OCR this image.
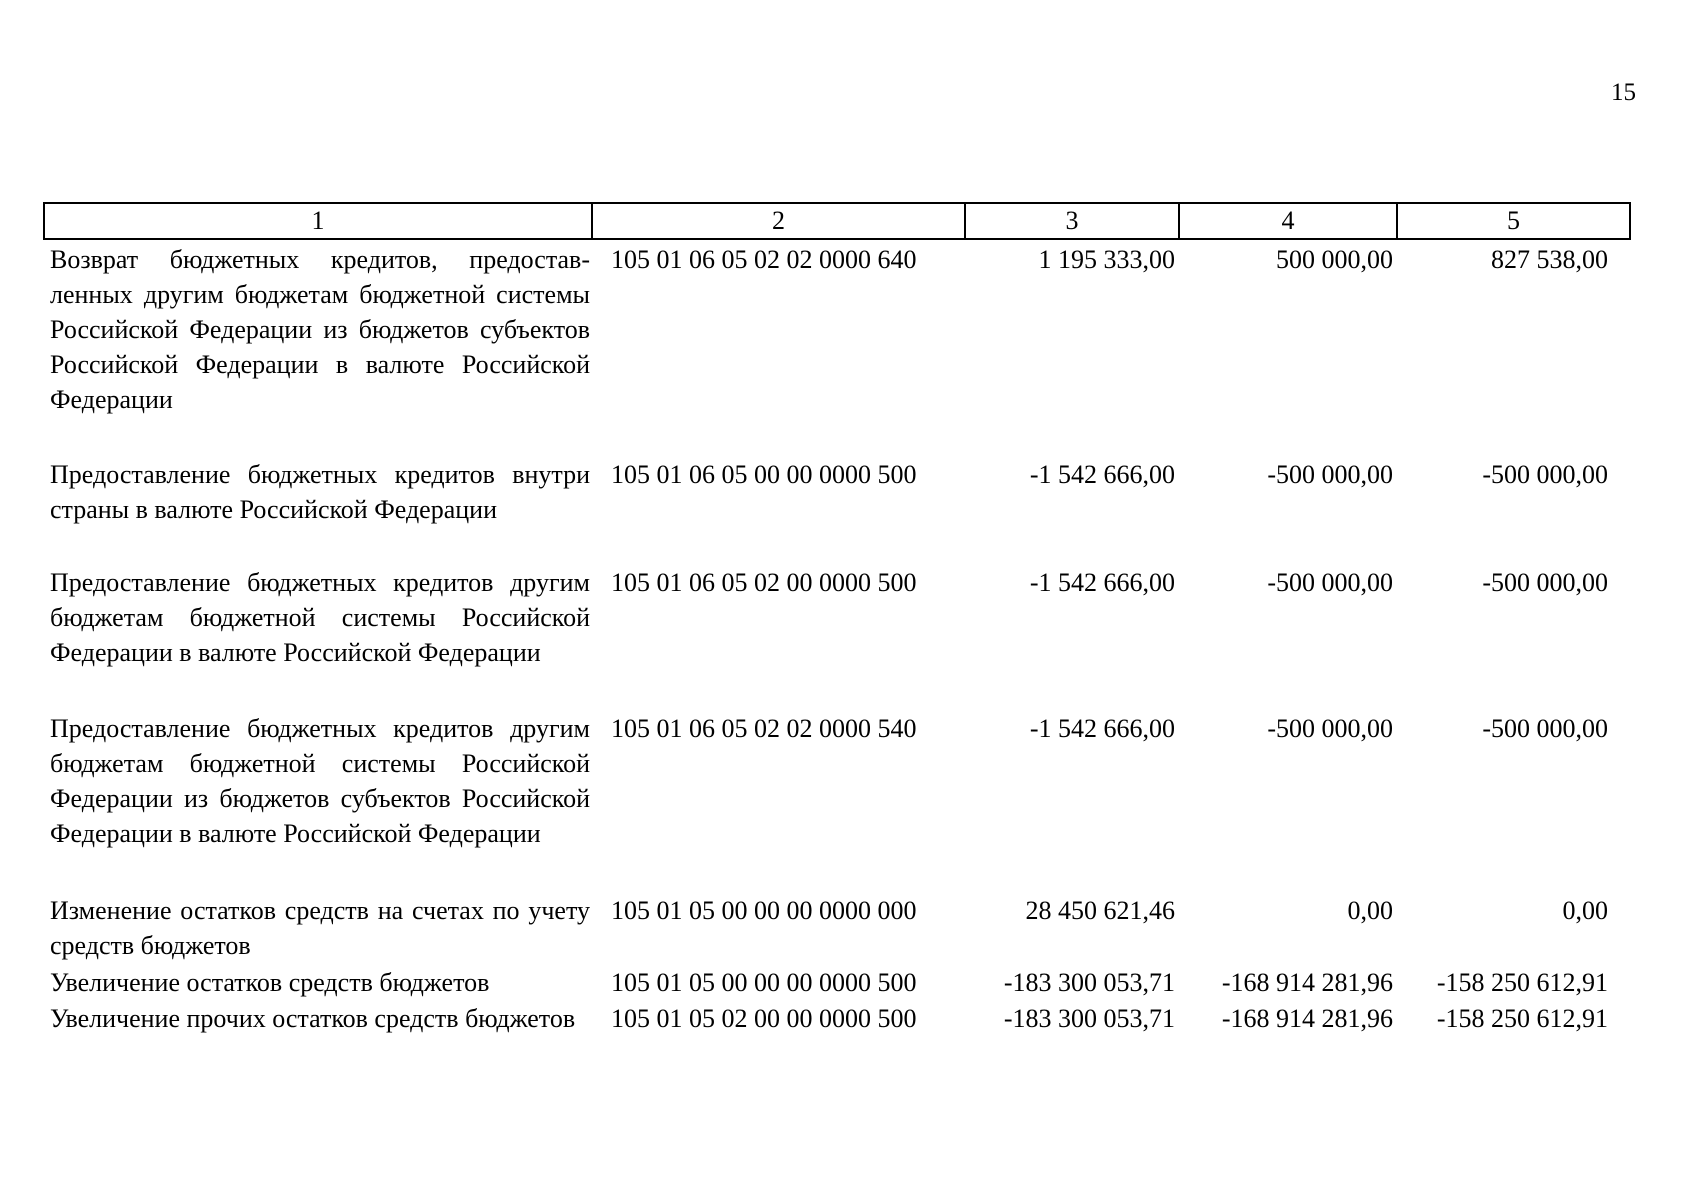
15
1	2	3	4	5
Возврат бюджетных кредитов, предостав-ленных другим бюджетам бюджетной системы Российской Федерации из бюджетов субъектов Российской Федерации в валюте Российской Федерации	105 01 06 05 02 02 0000 640	1 195 333,00	500 000,00	827 538,00
Предоставление бюджетных кредитов внутри страны в валюте Российской Федерации	105 01 06 05 00 00 0000 500	-1 542 666,00	-500 000,00	-500 000,00
Предоставление бюджетных кредитов другим бюджетам бюджетной системы Российской Федерации в валюте Российской Федерации	105 01 06 05 02 00 0000 500	-1 542 666,00	-500 000,00	-500 000,00
Предоставление бюджетных кредитов другим бюджетам бюджетной системы Российской Федерации из бюджетов субъектов Российской Федерации в валюте Российской Федерации	105 01 06 05 02 02 0000 540	-1 542 666,00	-500 000,00	-500 000,00
Изменение остатков средств на счетах по учету средств бюджетов	105 01 05 00 00 00 0000 000	28 450 621,46	0,00	0,00
Увеличение остатков средств бюджетов	105 01 05 00 00 00 0000 500	-183 300 053,71	-168 914 281,96	-158 250 612,91
Увеличение прочих остатков средств бюджетов	105 01 05 02 00 00 0000 500	-183 300 053,71	-168 914 281,96	-158 250 612,91
